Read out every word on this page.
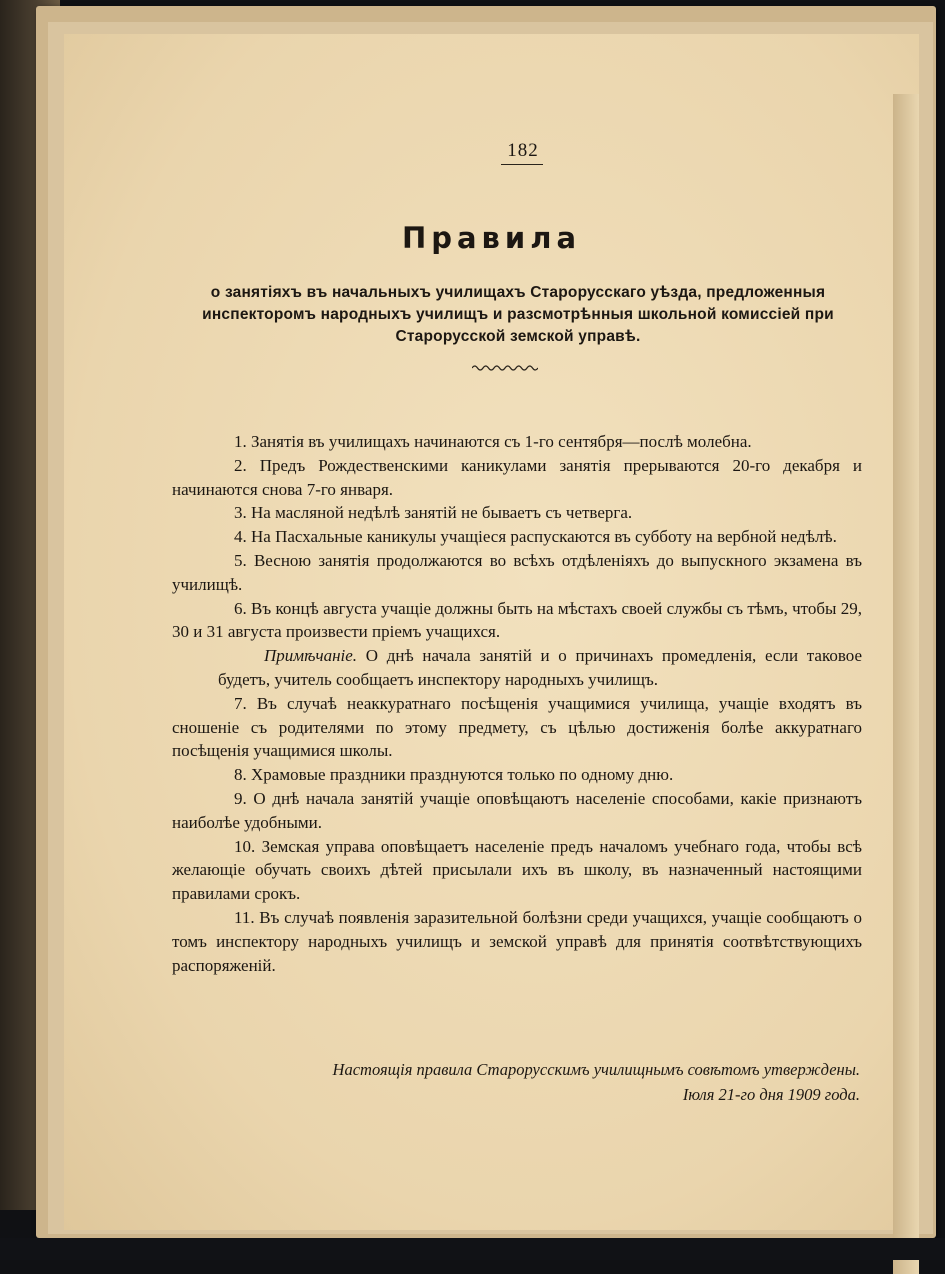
182
Правила
о занятіяхъ въ начальныхъ училищахъ Старорусскаго уѣзда, предложенныя инспекторомъ народныхъ училищъ и разсмотрѣнныя школьной комиссіей при Старорусской земской управѣ.

1. Занятія въ училищахъ начинаются съ 1-го сентября—послѣ молебна.

2. Предъ Рождественскими каникулами занятія прерываются 20-го декабря и начинаются снова 7-го января.

3. На масляной недѣлѣ занятій не бываетъ съ четверга.

4. На Пасхальные каникулы учащіеся распускаются въ субботу на вербной недѣлѣ.

5. Весною занятія продолжаются во всѣхъ отдѣленіяхъ до выпускного экзамена въ училищѣ.

6. Въ концѣ августа учащіе должны быть на мѣстахъ своей службы съ тѣмъ, чтобы 29, 30 и 31 августа произвести пріемъ учащихся.

Примѣчаніе. О днѣ начала занятій и о причинахъ промедленія, если таковое будетъ, учитель сообщаетъ инспектору народныхъ училищъ.

7. Въ случаѣ неаккуратнаго посѣщенія учащимися училища, учащіе входятъ въ сношеніе съ родителями по этому предмету, съ цѣлью достиженія болѣе аккуратнаго посѣщенія учащимися школы.

8. Храмовые праздники празднуются только по одному дню.

9. О днѣ начала занятій учащіе оповѣщаютъ населеніе способами, какіе признаютъ наиболѣе удобными.

10. Земская управа оповѣщаетъ населеніе предъ началомъ учебнаго года, чтобы всѣ желающіе обучать своихъ дѣтей присылали ихъ въ школу, въ назначенный настоящими правилами срокъ.

11. Въ случаѣ появленія заразительной болѣзни среди учащихся, учащіе сообщаютъ о томъ инспектору народныхъ училищъ и земской управѣ для принятія соотвѣтствующихъ распоряженій.

Настоящія правила Старорусскимъ училищнымъ совѣтомъ утверждены.
Іюля 21-го дня 1909 года.
